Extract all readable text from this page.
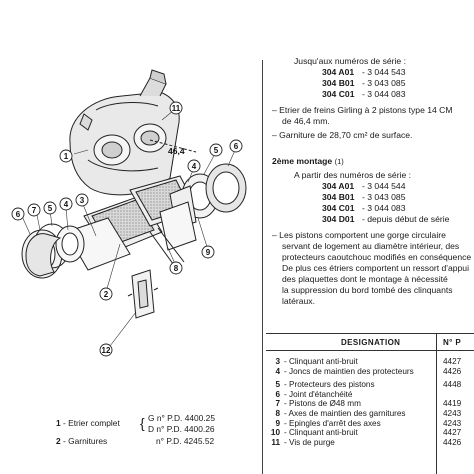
1
2
3
4
5
6 7
8
9
11
5 6
4
12
46,4
Jusqu'aux numéros de série :
304 A01 - 3 044 543
304 B01 - 3 043 085
304 C01 - 3 044 083
– Etrier de freins Girling à 2 pistons type 14 CM
de 46,4 mm.
– Garniture de 28,70 cm² de surface.
2ème montage (1)
A partir des numéros de série :
304 A01 - 3 044 544
304 B01 - 3 043 085
304 C01 - 3 044 083
304 D01 - depuis début de série
– Les pistons comportent une gorge circulaire
servant de logement au diamètre intérieur, des
protecteurs caoutchouc modifiés en conséquence
De plus ces étriers comportent un ressort d'appui
des plaquettes dont le montage à nécessité
la suppression du bord tombé des clinquants
latéraux.
DESIGNATION	N° P
3 - Clinquant anti-bruit	4427
4 - Joncs de maintien des protecteurs	4426
5 - Protecteurs des pistons	4448
6 - Joint d'étanchéité
7 - Pistons de Ø48 mm	4419
8 - Axes de maintien des garnitures	4243
9 - Epingles d'arrêt des axes	4243
10 - Clinquant anti-bruit	4427
11 - Vis de purge	4426
1 - Etrier complet { G n° P.D. 4400.25
D n° P.D. 4400.26
2 - Garnitures	n° P.D. 4245.52
